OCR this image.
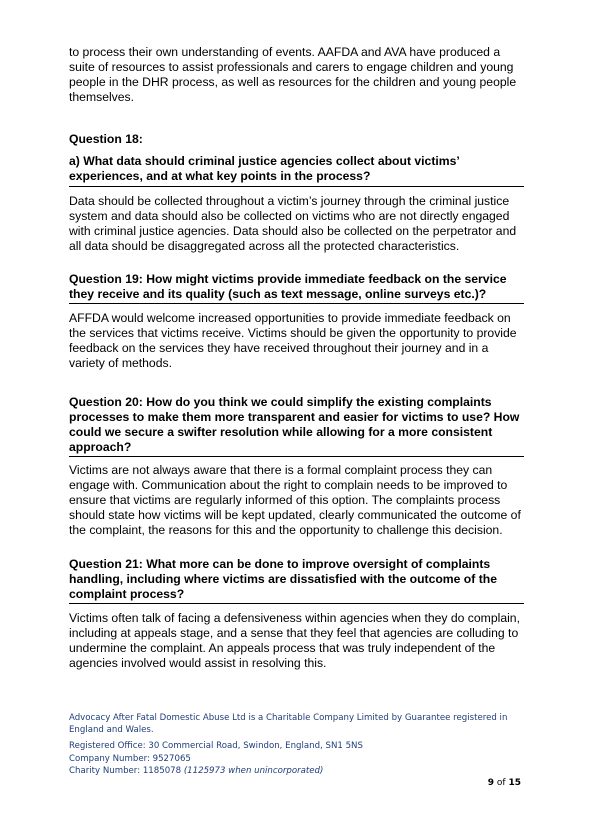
to process their own understanding of events. AAFDA and AVA have produced a suite of resources to assist professionals and carers to engage children and young people in the DHR process, as well as resources for the children and young people themselves.

Question 18:

a) What data should criminal justice agencies collect about victims’ experiences, and at what key points in the process?

Data should be collected throughout a victim’s journey through the criminal justice system and data should also be collected on victims who are not directly engaged with criminal justice agencies. Data should also be collected on the perpetrator and all data should be disaggregated across all the protected characteristics.

Question 19: How might victims provide immediate feedback on the service they receive and its quality (such as text message, online surveys etc.)?

AFFDA would welcome increased opportunities to provide immediate feedback on the services that victims receive. Victims should be given the opportunity to provide feedback on the services they have received throughout their journey and in a variety of methods.

Question 20: How do you think we could simplify the existing complaints processes to make them more transparent and easier for victims to use? How could we secure a swifter resolution while allowing for a more consistent approach?

Victims are not always aware that there is a formal complaint process they can engage with. Communication about the right to complain needs to be improved to ensure that victims are regularly informed of this option. The complaints process should state how victims will be kept updated, clearly communicated the outcome of the complaint, the reasons for this and the opportunity to challenge this decision.

Question 21: What more can be done to improve oversight of complaints handling, including where victims are dissatisfied with the outcome of the complaint process?

Victims often talk of facing a defensiveness within agencies when they do complain, including at appeals stage, and a sense that they feel that agencies are colluding to undermine the complaint. An appeals process that was truly independent of the agencies involved would assist in resolving this.

Advocacy After Fatal Domestic Abuse Ltd is a Charitable Company Limited by Guarantee registered in England and Wales.
Registered Office: 30 Commercial Road, Swindon, England, SN1 5NS
Company Number: 9527065
Charity Number: 1185078 (1125973 when unincorporated)
9 of 15
